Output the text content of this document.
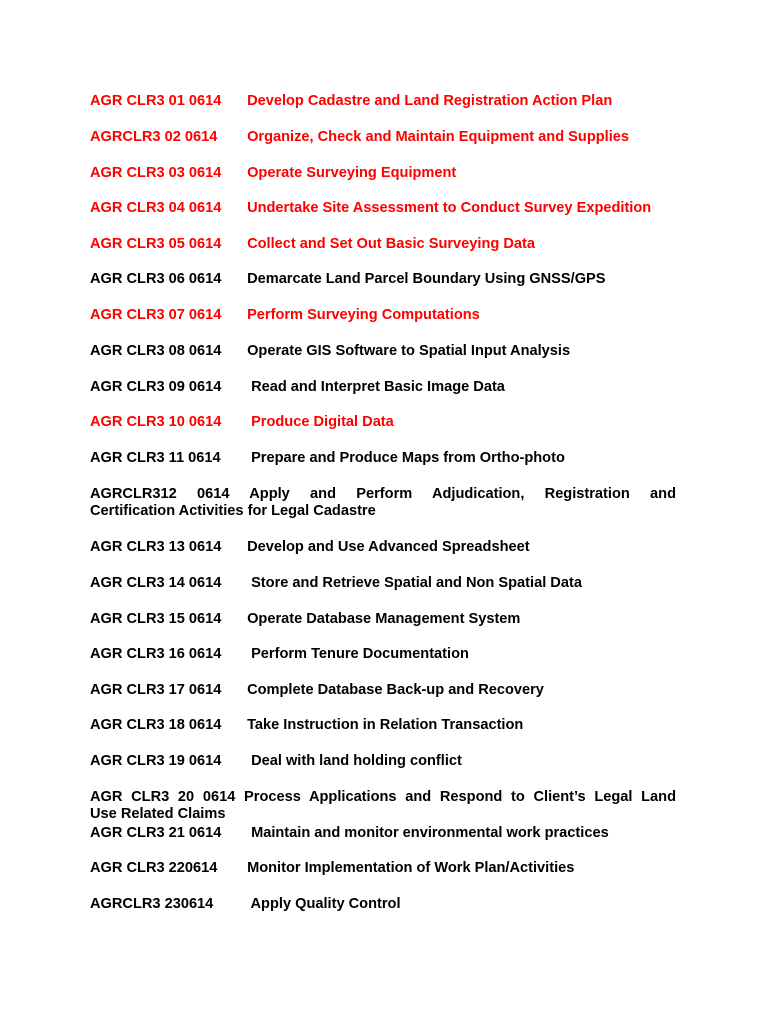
AGR CLR3 01 0614 Develop Cadastre and Land Registration Action Plan
AGRCLR3 02 0614 Organize, Check and Maintain Equipment and Supplies
AGR CLR3 03 0614 Operate Surveying Equipment
AGR CLR3 04 0614 Undertake Site Assessment to Conduct Survey Expedition
AGR CLR3 05 0614 Collect and Set Out Basic Surveying Data
AGR CLR3 06 0614 Demarcate Land Parcel Boundary Using GNSS/GPS
AGR CLR3 07 0614 Perform Surveying Computations
AGR CLR3 08 0614 Operate GIS Software to Spatial Input Analysis
AGR CLR3 09 0614 Read and Interpret Basic Image Data
AGR CLR3 10 0614 Produce Digital Data
AGR CLR3 11 0614 Prepare and Produce Maps from Ortho-photo
AGRCLR312 0614 Apply and Perform Adjudication, Registration and
Certification Activities for Legal Cadastre
AGR CLR3 13 0614 Develop and Use Advanced Spreadsheet
AGR CLR3 14 0614 Store and Retrieve Spatial and Non Spatial Data
AGR CLR3 15 0614 Operate Database Management System
AGR CLR3 16 0614 Perform Tenure Documentation
AGR CLR3 17 0614 Complete Database Back-up and Recovery
AGR CLR3 18 0614 Take Instruction in Relation Transaction
AGR CLR3 19 0614 Deal with land holding conflict
AGR CLR3 20 0614 Process Applications and Respond to Client’s Legal Land
Use Related Claims
AGR CLR3 21 0614 Maintain and monitor environmental work practices
AGR CLR3 220614 Monitor Implementation of Work Plan/Activities
AGRCLR3 230614	Apply Quality Control
